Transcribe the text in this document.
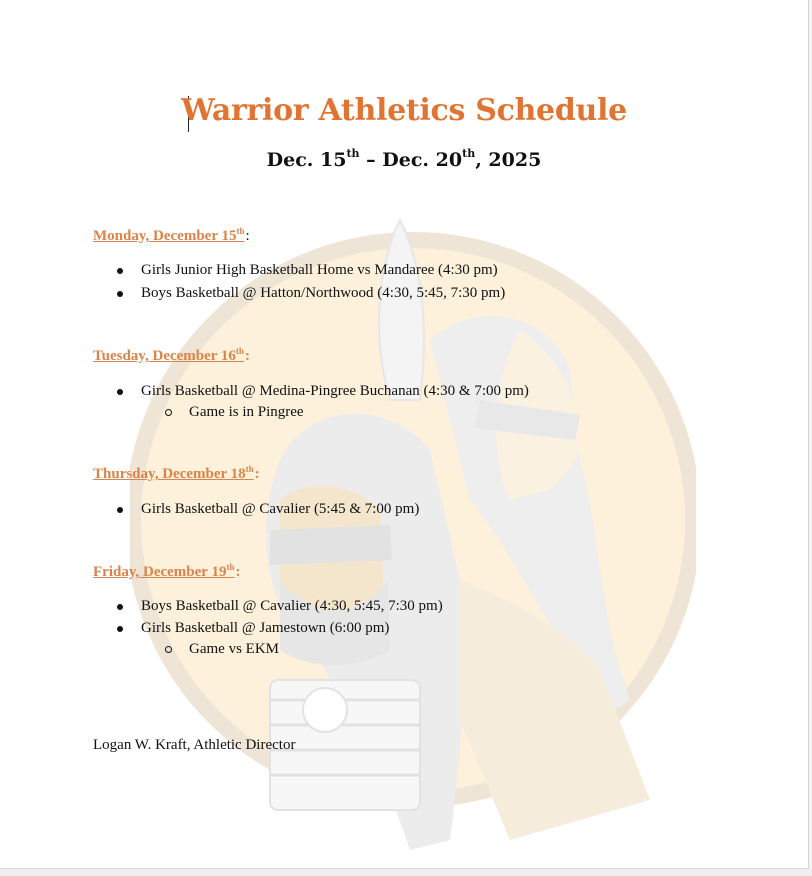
Warrior Athletics Schedule
Dec. 15th – Dec. 20th, 2025

Monday, December 15th:

Girls Junior High Basketball Home vs Mandaree (4:30 pm)
Boys Basketball @ Hatton/Northwood (4:30, 5:45, 7:30 pm)

Tuesday, December 16th:

Girls Basketball @ Medina-Pingree Buchanan (4:30 & 7:00 pm)
Game is in Pingree

Thursday, December 18th:

Girls Basketball @ Cavalier (5:45 & 7:00 pm)

Friday, December 19th:

Boys Basketball @ Cavalier (4:30, 5:45, 7:30 pm)
Girls Basketball @ Jamestown (6:00 pm)
Game vs EKM

Logan W. Kraft, Athletic Director
